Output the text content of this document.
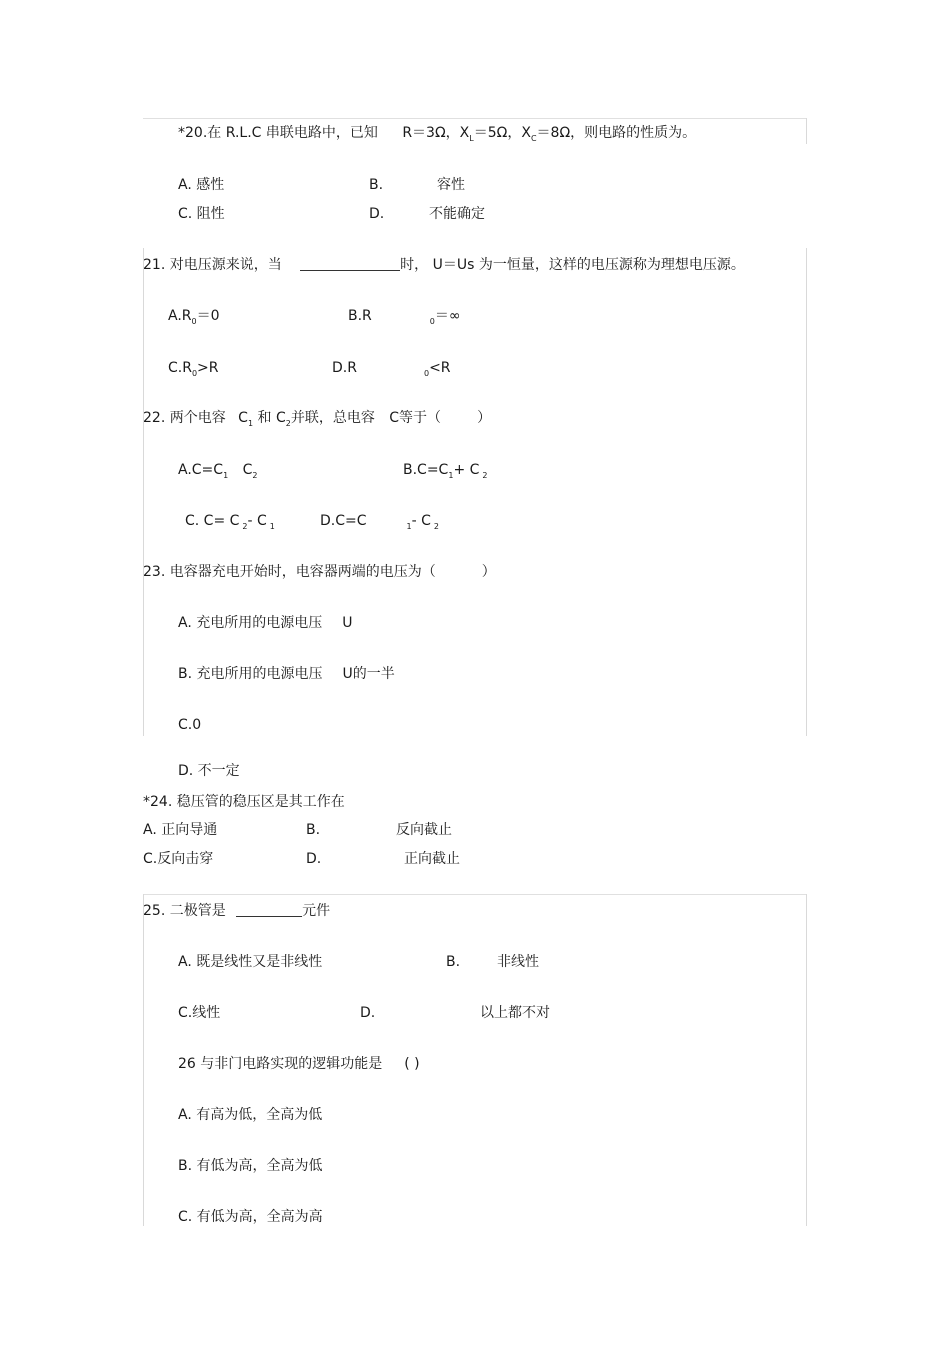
*20.在 R.L.C 串联电路中，已知 R＝3Ω，$X_L=5\Omega$，$X_C=8\Omega$，则电路的性质为。
A. 感性	B.	容性
C. 阻性	D.	不能确定
21. 对电压源来说，当	时， U＝Us 为一恒量，这样的电压源称为理想电压源。
$A.R_0=0$	B.R	$_0$＝∞
$C.R_0>R$	D.R	$_0$<R
22. 两个电容 $C_1$ 和 $C_2$并联，总电容 C等于（	）
$A.C=C_1$ $C_2$	$B.C=C_1+ C$ $_2$
C. C= C $_2$- C $_1$	D.C=C	$_1$- C $_2$
23. 电容器充电开始时，电容器两端的电压为（	）
A. 充电所用的电源电压 U
B. 充电所用的电源电压 U的一半
C.0
D. 不一定
*24. 稳压管的稳压区是其工作在
A. 正向导通	B.	反向截止
C.反向击穿	D.	正向截止
25. 二极管是	元件
A. 既是线性又是非线性	B.	非线性
C.线性	D.	以上都不对
26 与非门电路实现的逻辑功能是 ( )
A. 有高为低，全高为低
B. 有低为高，全高为低
C. 有低为高，全高为高
